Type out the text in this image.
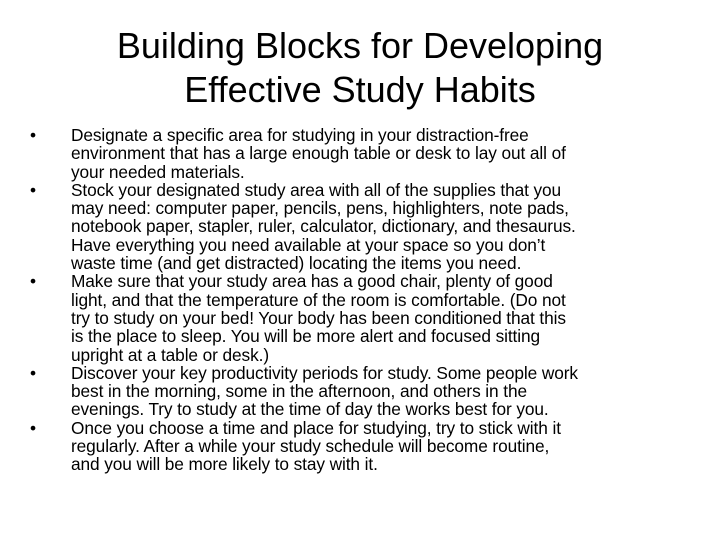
Building Blocks for Developing
Effective Study Habits
•	Designate a specific area for studying in your distraction-free
environment that has a large enough table or desk to lay out all of
your needed materials.
•	Stock your designated study area with all of the supplies that you
may need: computer paper, pencils, pens, highlighters, note pads,
notebook paper, stapler, ruler, calculator, dictionary, and thesaurus.
Have everything you need available at your space so you don’t
waste time (and get distracted) locating the items you need.
•	Make sure that your study area has a good chair, plenty of good
light, and that the temperature of the room is comfortable. (Do not
try to study on your bed! Your body has been conditioned that this
is the place to sleep. You will be more alert and focused sitting
upright at a table or desk.)
•	Discover your key productivity periods for study. Some people work
best in the morning, some in the afternoon, and others in the
evenings. Try to study at the time of day the works best for you.
•	Once you choose a time and place for studying, try to stick with it
regularly. After a while your study schedule will become routine,
and you will be more likely to stay with it.
